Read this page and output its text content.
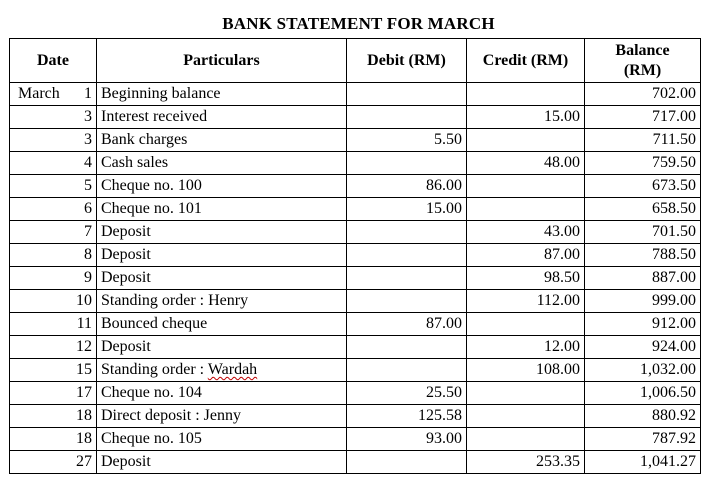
BANK STATEMENT FOR MARCH
Date	Particulars	Debit (RM)	Credit (RM)	Balance
(RM)

March 1	Beginning balance			702.00
3	Interest received		15.00	717.00
3	Bank charges	5.50		711.50
4	Cash sales		48.00	759.50
5	Cheque no. 100	86.00		673.50
6	Cheque no. 101	15.00		658.50
7	Deposit		43.00	701.50
8	Deposit		87.00	788.50
9	Deposit		98.50	887.00
10	Standing order : Henry		112.00	999.00
11	Bounced cheque	87.00		912.00
12	Deposit		12.00	924.00
15	Standing order : Wardah		108.00	1,032.00
17	Cheque no. 104	25.50		1,006.50
18	Direct deposit : Jenny	125.58		880.92
18	Cheque no. 105	93.00		787.92
27	Deposit		253.35	1,041.27
